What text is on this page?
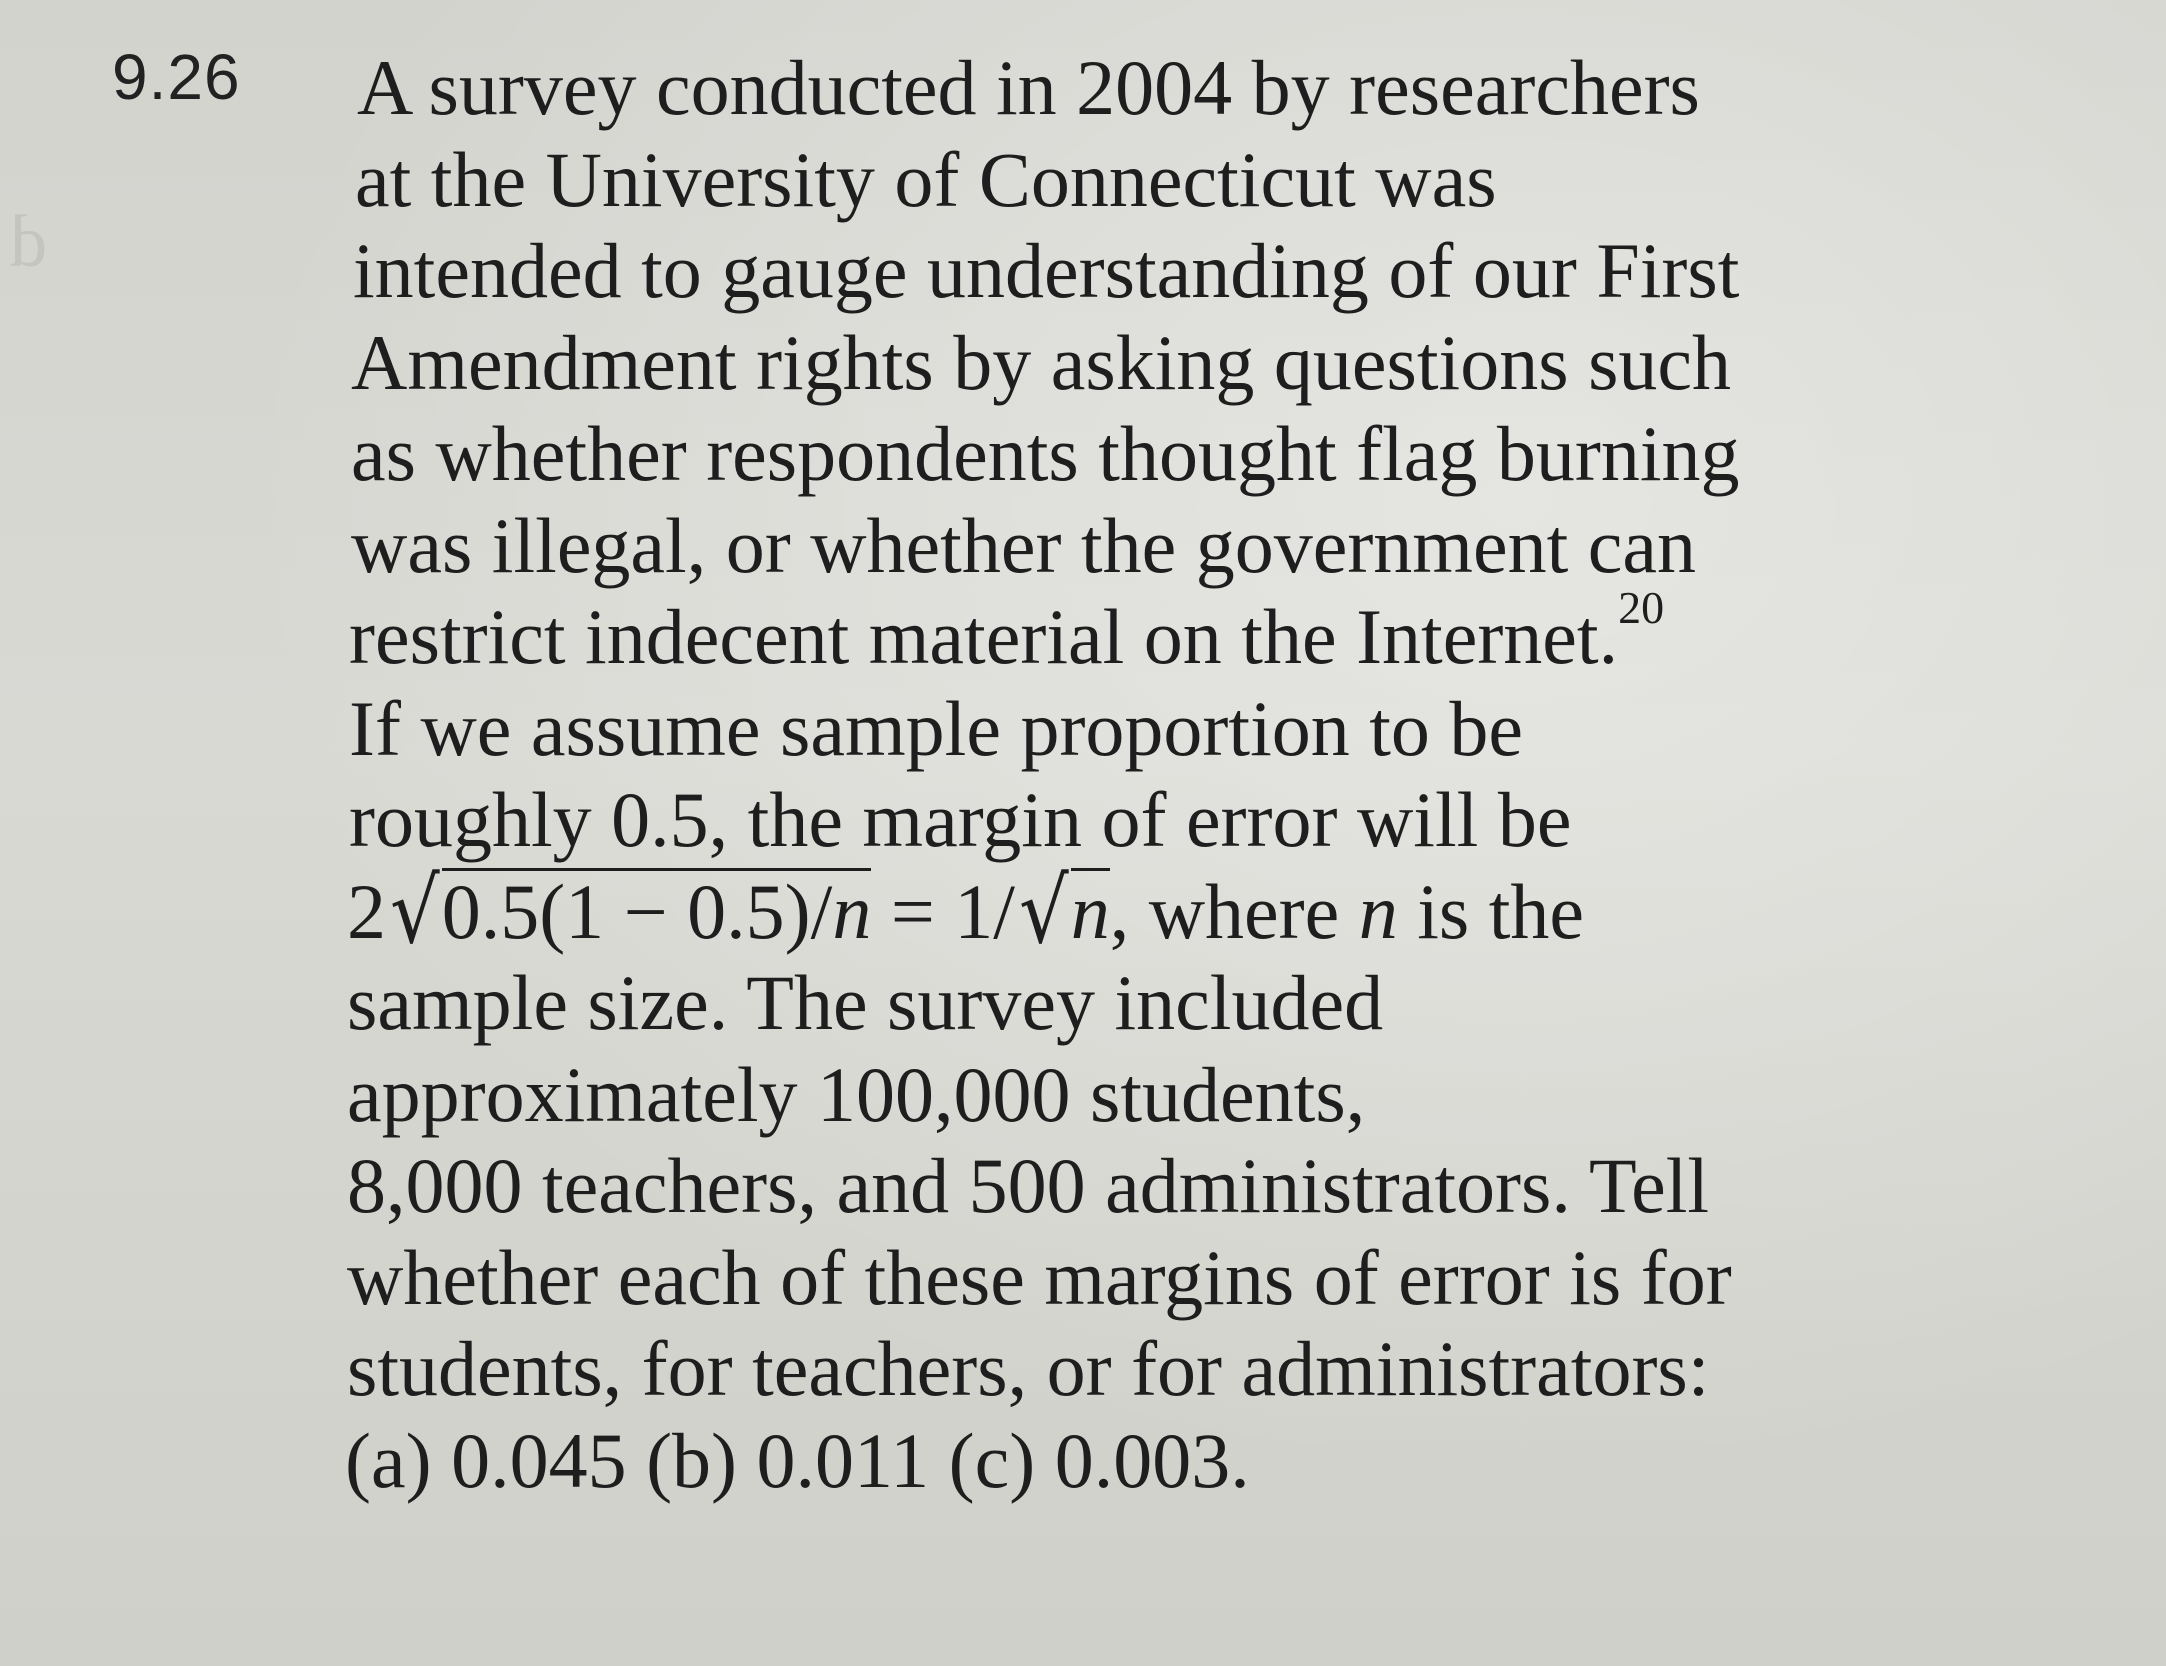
d
9.26 A survey conducted in 2004 by researchers
at the University of Connecticut was
intended to gauge understanding of our First
Amendment rights by asking questions such
as whether respondents thought flag burning
was illegal, or whether the government can
restrict indecent material on the Internet.$^{20}$
If we assume sample proportion to be
roughly 0.5, the margin of error will be
2√0.5(1 − 0.5)/n = 1/√n, where n is the
sample size. The survey included
approximately 100,000 students,
8,000 teachers, and 500 administrators. Tell
whether each of these margins of error is for
students, for teachers, or for administrators:
(a) 0.045 (b) 0.011 (c) 0.003.
